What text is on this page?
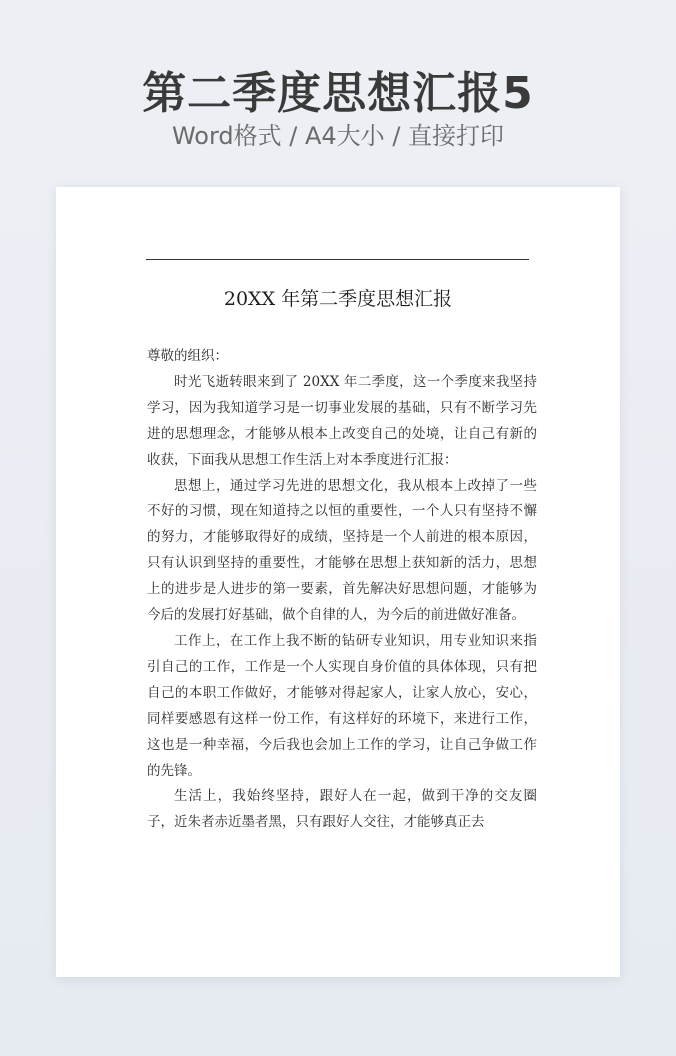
第二季度思想汇报5
Word格式 / A4大小 / 直接打印
20XX 年第二季度思想汇报

尊敬的组织：

时光飞逝转眼来到了 20XX 年二季度，这一个季度来我坚持学习，因为我知道学习是一切事业发展的基础，只有不断学习先进的思想理念，才能够从根本上改变自己的处境，让自己有新的收获，下面我从思想工作生活上对本季度进行汇报：

思想上，通过学习先进的思想文化，我从根本上改掉了一些不好的习惯，现在知道持之以恒的重要性，一个人只有坚持不懈的努力，才能够取得好的成绩，坚持是一个人前进的根本原因，只有认识到坚持的重要性，才能够在思想上获知新的活力，思想上的进步是人进步的第一要素，首先解决好思想问题，才能够为今后的发展打好基础，做个自律的人，为今后的前进做好准备。

工作上，在工作上我不断的钻研专业知识，用专业知识来指引自己的工作，工作是一个人实现自身价值的具体体现，只有把自己的本职工作做好，才能够对得起家人，让家人放心，安心，同样要感恩有这样一份工作，有这样好的环境下，来进行工作，这也是一种幸福，今后我也会加上工作的学习，让自己争做工作的先锋。

生活上，我始终坚持，跟好人在一起，做到干净的交友圈子，近朱者赤近墨者黑，只有跟好人交往，才能够真正去
